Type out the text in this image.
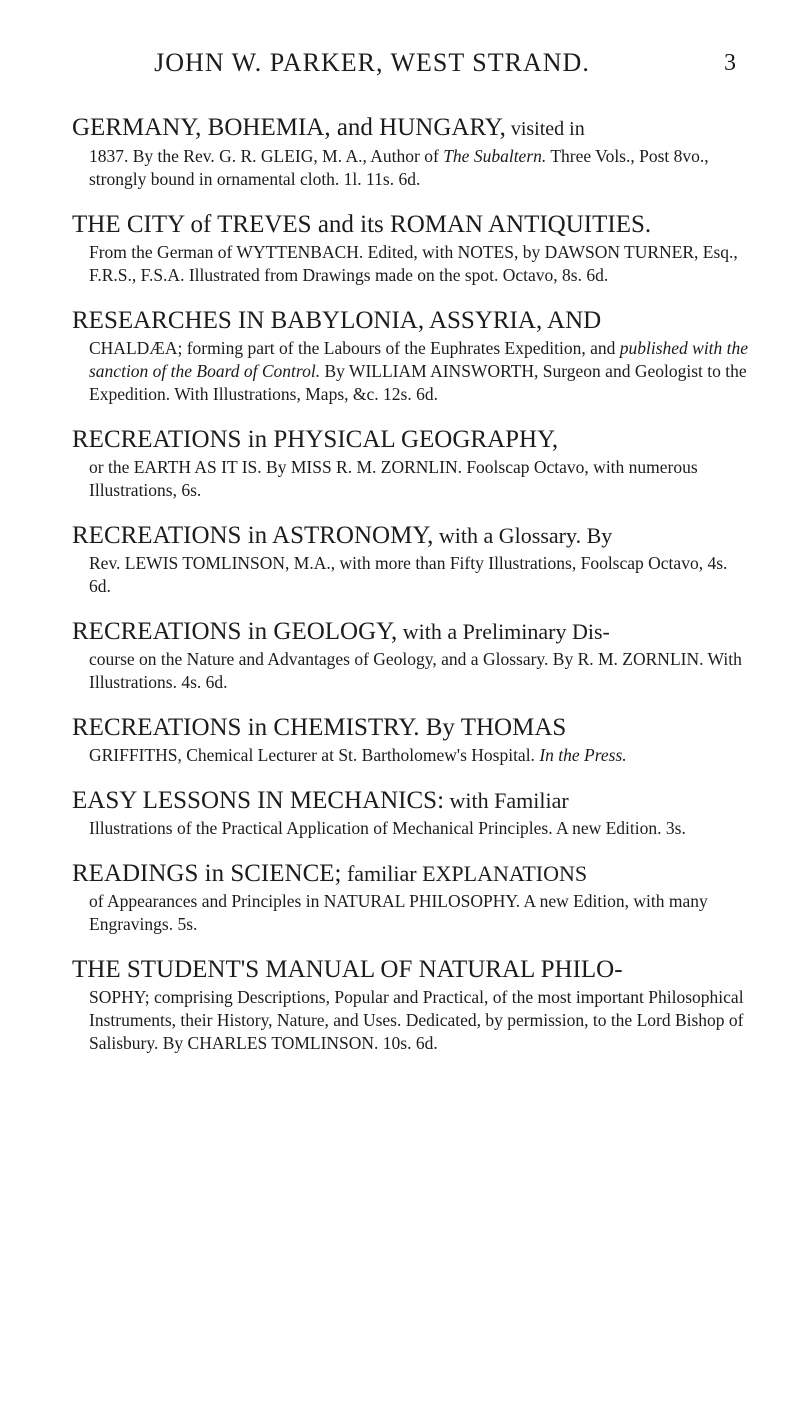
JOHN W. PARKER, WEST STRAND.	3
GERMANY, BOHEMIA, and HUNGARY, visited in
1837. By the Rev. G. R. GLEIG, M. A., Author of The Subaltern. Three Vols., Post 8vo., strongly bound in ornamental cloth. 1l. 11s. 6d.
THE CITY of TREVES and its ROMAN ANTIQUITIES.
From the German of WYTTENBACH. Edited, with NOTES, by DAWSON TURNER, Esq., F.R.S., F.S.A. Illustrated from Drawings made on the spot. Octavo, 8s. 6d.
RESEARCHES IN BABYLONIA, ASSYRIA, AND
CHALDÆA; forming part of the Labours of the Euphrates Expedition, and published with the sanction of the Board of Control. By WILLIAM AINSWORTH, Surgeon and Geologist to the Expedition. With Illustrations, Maps, &c. 12s. 6d.
RECREATIONS in PHYSICAL GEOGRAPHY,
or the EARTH AS IT IS. By MISS R. M. ZORNLIN. Foolscap Octavo, with numerous Illustrations, 6s.
RECREATIONS in ASTRONOMY, with a Glossary. By
Rev. LEWIS TOMLINSON, M.A., with more than Fifty Illustrations, Foolscap Octavo, 4s. 6d.
RECREATIONS in GEOLOGY, with a Preliminary Dis-
course on the Nature and Advantages of Geology, and a Glossary. By R. M. ZORNLIN. With Illustrations. 4s. 6d.
RECREATIONS in CHEMISTRY. By THOMAS
GRIFFITHS, Chemical Lecturer at St. Bartholomew's Hospital. In the Press.
EASY LESSONS IN MECHANICS: with Familiar
Illustrations of the Practical Application of Mechanical Principles. A new Edition. 3s.
READINGS in SCIENCE; familiar EXPLANATIONS
of Appearances and Principles in NATURAL PHILOSOPHY. A new Edition, with many Engravings. 5s.
THE STUDENT'S MANUAL OF NATURAL PHILO-
SOPHY; comprising Descriptions, Popular and Practical, of the most important Philosophical Instruments, their History, Nature, and Uses. Dedicated, by permission, to the Lord Bishop of Salisbury. By CHARLES TOMLINSON. 10s. 6d.
